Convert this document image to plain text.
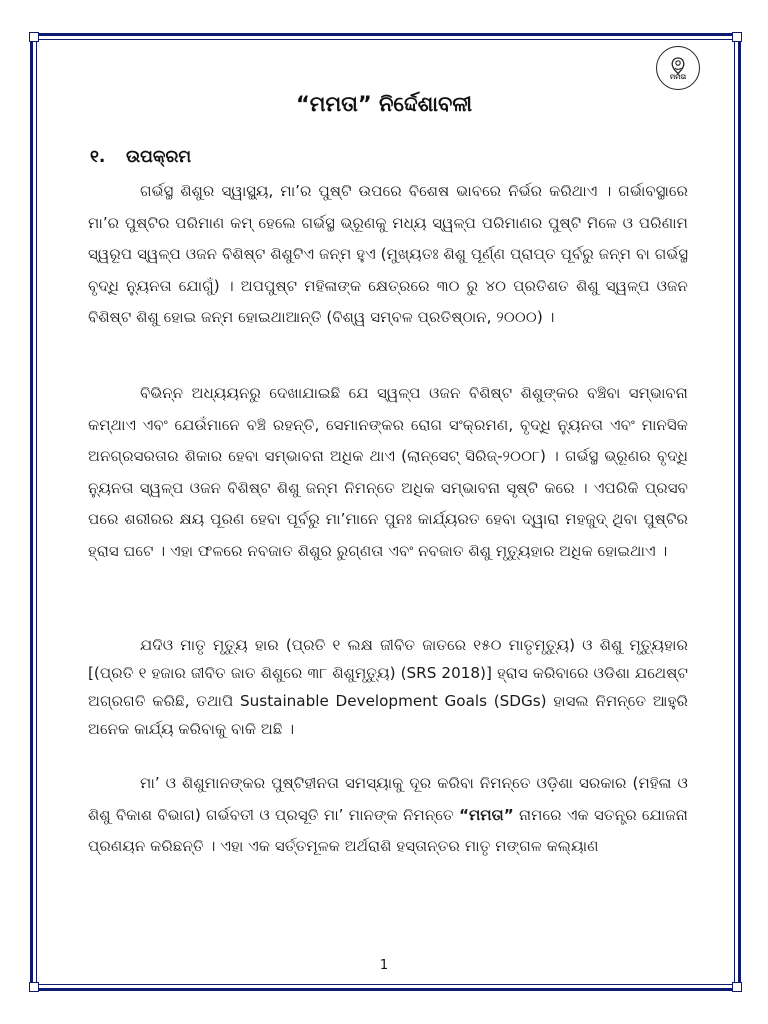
ମମତା
“ମମତା” ନିର୍ଦ୍ଦେଶାବଳୀ
୧. ଉପକ୍ରମ

ଗର୍ଭସ୍ଥ ଶିଶୁର ସ୍ୱାସ୍ଥ୍ୟ, ମା’ର ପୁଷ୍ଟି ଉପରେ ବିଶେଷ ଭାବରେ ନିର୍ଭର କରିଥାଏ । ଗର୍ଭାବସ୍ଥାରେ ମା’ର ପୁଷ୍ଟିର ପରିମାଣ କମ୍ ହେଲେ ଗର୍ଭସ୍ଥ ଭ୍ରୂଣକୁ ମଧ୍ୟ ସ୍ୱଳ୍ପ ପରିମାଣର ପୁଷ୍ଟି ମିଳେ ଓ ପରିଣାମ ସ୍ୱରୂପ ସ୍ୱଳ୍ପ ଓଜନ ବିଶିଷ୍ଟ ଶିଶୁଟିଏ ଜନ୍ମ ହୁଏ (ମୁଖ୍ୟତଃ ଶିଶୁ ପୂର୍ଣ୍ଣ ପ୍ରାପ୍ତ ପୂର୍ବରୁ ଜନ୍ମ ବା ଗର୍ଭସ୍ଥ ବୃଦ୍ଧି ନ୍ୟୁନତା ଯୋଗୁଁ) । ଅପପୁଷ୍ଟ ମହିଳାଙ୍କ କ୍ଷେତ୍ରରେ ୩୦ ରୁ ୪୦ ପ୍ରତିଶତ ଶିଶୁ ସ୍ୱଳ୍ପ ଓଜନ ବିଶିଷ୍ଟ ଶିଶୁ ହୋଇ ଜନ୍ମ ହୋଇଥାଆନ୍ତି (ବିଶ୍ୱ ସମ୍ବଳ ପ୍ରତିଷ୍ଠାନ, ୨୦୦୦) ।

ବିଭିନ୍ନ ଅଧ୍ୟୟନରୁ ଦେଖାଯାଇଛି ଯେ ସ୍ୱଳ୍ପ ଓଜନ ବିଶିଷ୍ଟ ଶିଶୁଙ୍କର ବଞ୍ଚିବା ସମ୍ଭାବନା କମ୍ଥାଏ ଏବଂ ଯେଉଁମାନେ ବଞ୍ଚି ରହନ୍ତି, ସେମାନଙ୍କର ରୋଗ ସଂକ୍ରମଣ, ବୃଦ୍ଧି ନ୍ୟୁନତା ଏବଂ ମାନସିକ ଅନଗ୍ରସରତାର ଶିକାର ହେବା ସମ୍ଭାବନା ଅଧିକ ଥାଏ (ଲାନ୍‌ସେଟ୍ ସିରିଜ୍-୨୦୦୮) । ଗର୍ଭସ୍ଥ ଭ୍ରୂଣର ବୃଦ୍ଧି ନ୍ୟୁନତା ସ୍ୱଳ୍ପ ଓଜନ ବିଶିଷ୍ଟ ଶିଶୁ ଜନ୍ମ ନିମନ୍ତେ ଅଧିକ ସମ୍ଭାବନା ସୃଷ୍ଟି କରେ । ଏପରିକି ପ୍ରସବ ପରେ ଶରୀରର କ୍ଷୟ ପୂରଣ ହେବା ପୂର୍ବରୁ ମା’ମାନେ ପୁନଃ କାର୍ଯ୍ୟରତ ହେବା ଦ୍ୱାରା ମହଜୁଦ୍ ଥିବା ପୁଷ୍ଟିର ହ୍ରାସ ଘଟେ । ଏହା ଫଳରେ ନବଜାତ ଶିଶୁର ରୁଗ୍ଣତା ଏବଂ ନବଜାତ ଶିଶୁ ମୃତ୍ୟୁହାର ଅଧିକ ହୋଇଥାଏ ।

ଯଦିଓ ମାତୃ ମୃତ୍ୟୁ ହାର (ପ୍ରତି ୧ ଲକ୍ଷ ଜୀବିତ ଜାତରେ ୧୫୦ ମାତୃମୃତ୍ୟୁ) ଓ ଶିଶୁ ମୃତ୍ୟୁହାର [(ପ୍ରତି ୧ ହଜାର ଜୀବିତ ଜାତ ଶିଶୁରେ ୩୮ ଶିଶୁମୃତ୍ୟୁ) (SRS 2018)] ହ୍ରାସ କରିବାରେ ଓଡିଶା ଯଥେଷ୍ଟ ଅଗ୍ରଗତି କରିଛି, ତଥାପି Sustainable Development Goals (SDGs) ହାସଲ ନିମନ୍ତେ ଆହୁରି ଅନେକ କାର୍ଯ୍ୟ କରିବାକୁ ବାକି ଅଛି ।

ମା’ ଓ ଶିଶୁମାନଙ୍କର ପୁଷ୍ଟିହୀନତା ସମସ୍ୟାକୁ ଦୂର କରିବା ନିମନ୍ତେ ଓଡ଼ିଶା ସରକାର (ମହିଳା ଓ ଶିଶୁ ବିକାଶ ବିଭାଗ) ଗର୍ଭବତୀ ଓ ପ୍ରସୂତି ମା’ ମାନଙ୍କ ନିମନ୍ତେ “ମମତା” ନାମରେ ଏକ ସତନ୍ତ୍ର ଯୋଜନା ପ୍ରଣୟନ କରିଛନ୍ତି । ଏହା ଏକ ସର୍ତ୍ତମୂଳକ ଅର୍ଥରାଶି ହସ୍ତାନ୍ତର ମାତୃ ମଙ୍ଗଳ କଲ୍ୟାଣ

1
